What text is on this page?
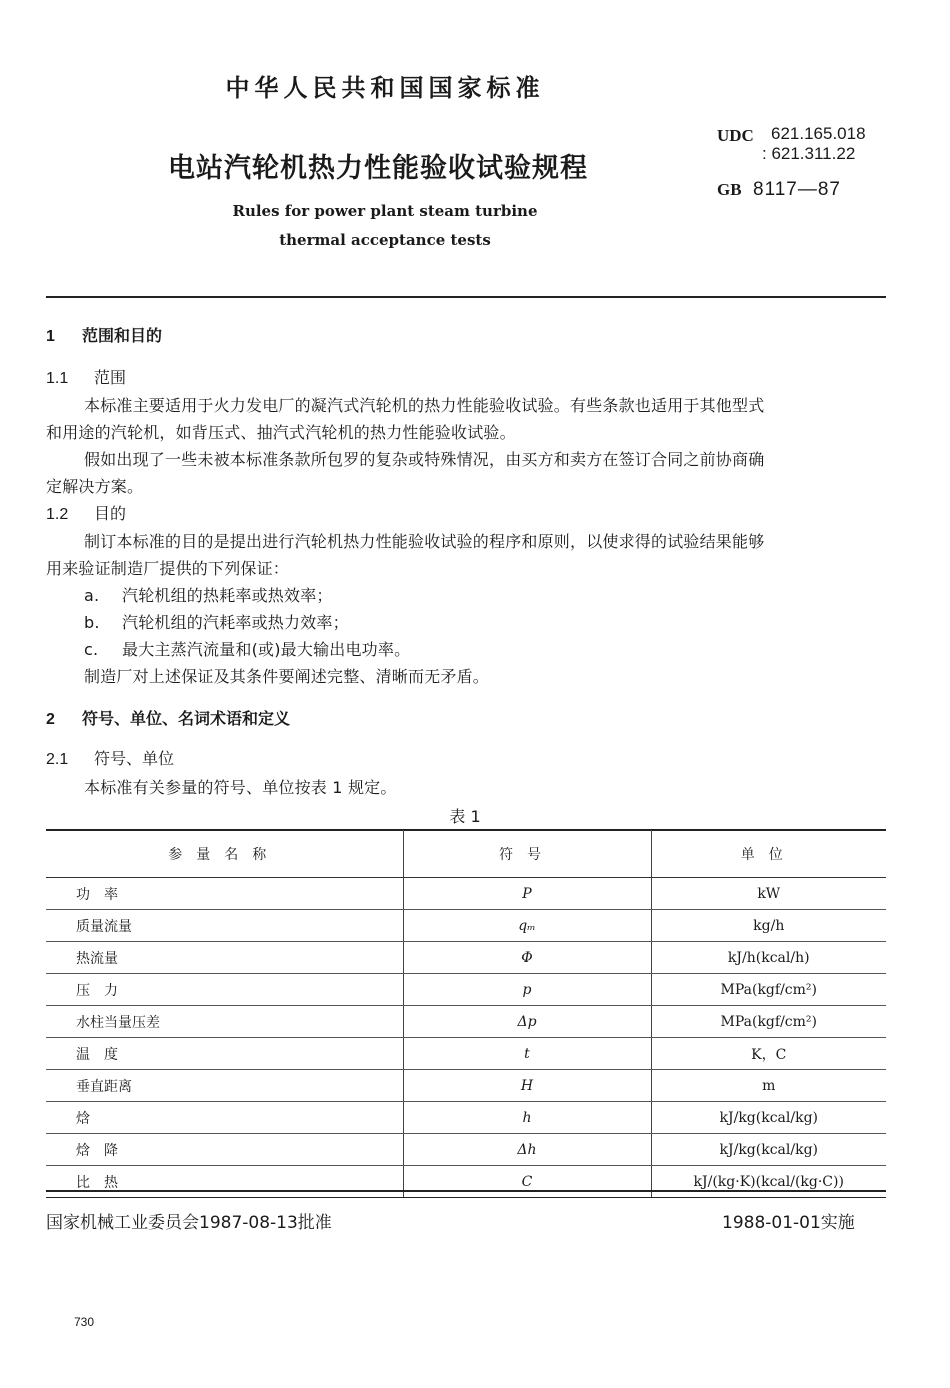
中华人民共和国国家标准
UDC 621.165.018
: 621.311.22
GB 8117—87
电站汽轮机热力性能验收试验规程
Rules for power plant steam turbine
thermal acceptance tests
1 范围和目的
1.1 范围
本标准主要适用于火力发电厂的凝汽式汽轮机的热力性能验收试验。有些条款也适用于其他型式
和用途的汽轮机，如背压式、抽汽式汽轮机的热力性能验收试验。
假如出现了一些未被本标准条款所包罗的复杂或特殊情况，由买方和卖方在签订合同之前协商确
定解决方案。
1.2 目的
制订本标准的目的是提出进行汽轮机热力性能验收试验的程序和原则，以使求得的试验结果能够
用来验证制造厂提供的下列保证：
a. 汽轮机组的热耗率或热效率；
b. 汽轮机组的汽耗率或热力效率；
c. 最大主蒸汽流量和(或)最大输出电功率。
制造厂对上述保证及其条件要阐述完整、清晰而无矛盾。
2 符号、单位、名词术语和定义
2.1 符号、单位
本标准有关参量的符号、单位按表 1 规定。
表 1
参量名称	符号	单位
功　率	P	kW
质量流量	qₘ	kg/h
热流量	Φ	kJ/h(kcal/h)
压　力	p	MPa(kgf/cm²)
水柱当量压差	Δp	MPa(kgf/cm²)
温　度	t	K，C
垂直距离	H	m
焓	h	kJ/kg(kcal/kg)
焓　降	Δh	kJ/kg(kcal/kg)
比　热	C	kJ/(kg·K)(kcal/(kg·C))
国家机械工业委员会1987-08-13批准	1988-01-01实施
730
